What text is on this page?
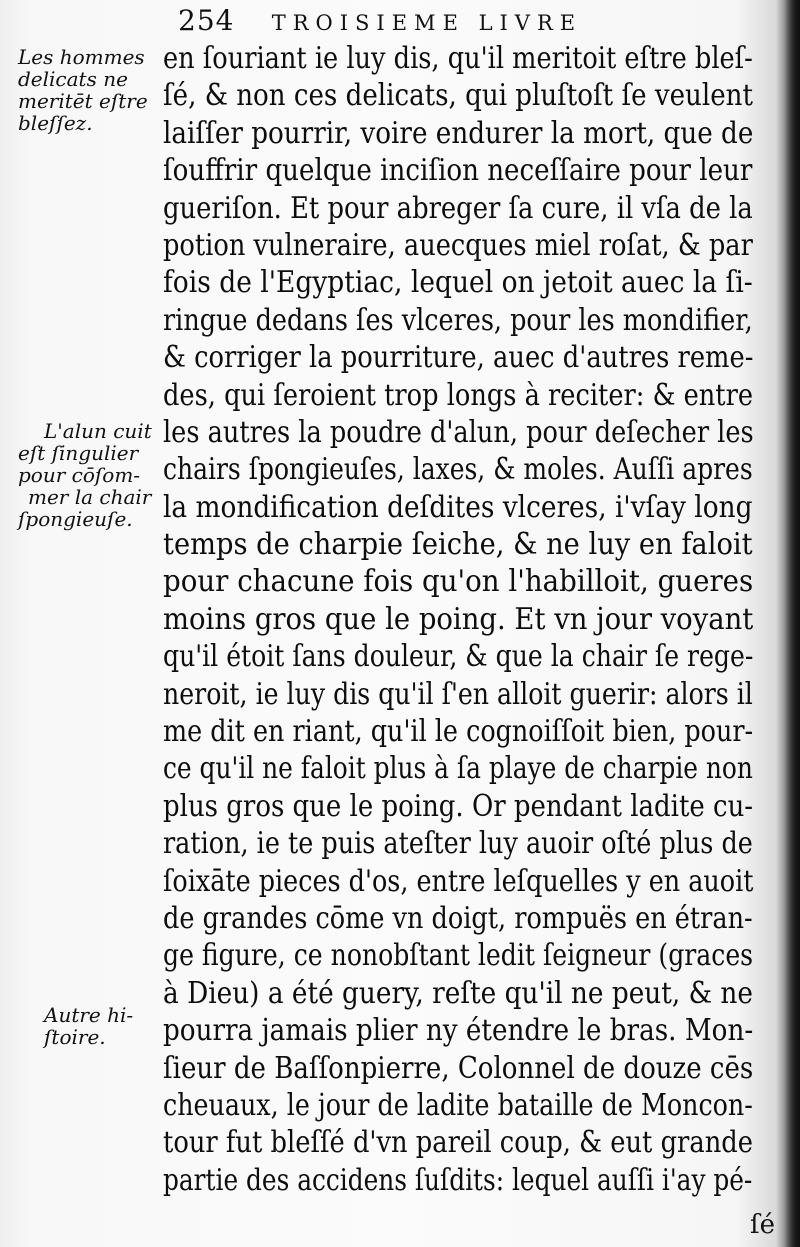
254 TROISIEME LIVRE
Les hommes
delicats ne
meritēt eſtre
bleſſez.
L'alun cuit
eſt ſingulier
pour cōſom-
mer la chair
ſpongieuſe.
Autre hi-
ſtoire.
en ſouriant ie luy dis, qu'il meritoit eſtre bleſ-
ſé, & non ces delicats, qui pluſtoſt ſe veulent
laiſſer pourrir, voire endurer la mort, que de
ſouffrir quelque inciſion neceſſaire pour leur
gueriſon. Et pour abreger ſa cure, il vſa de la
potion vulneraire, auecques miel roſat, & par
fois de l'Egyptiac, lequel on jetoit auec la ſi-
ringue dedans ſes vlceres, pour les mondifier,
& corriger la pourriture, auec d'autres reme-
des, qui ſeroient trop longs à reciter: & entre
les autres la poudre d'alun, pour deſecher les
chairs ſpongieuſes, laxes, & moles. Auſſi apres
la mondification deſdites vlceres, i'vſay long
temps de charpie ſeiche, & ne luy en faloit
pour chacune fois qu'on l'habilloit, gueres
moins gros que le poing. Et vn jour voyant
qu'il étoit ſans douleur, & que la chair ſe rege-
neroit, ie luy dis qu'il ſ'en alloit guerir: alors il
me dit en riant, qu'il le cognoiſſoit bien, pour-
ce qu'il ne faloit plus à ſa playe de charpie non
plus gros que le poing. Or pendant ladite cu-
ration, ie te puis ateſter luy auoir oſté plus de
ſoixāte pieces d'os, entre leſquelles y en auoit
de grandes cōme vn doigt, rompuës en étran-
ge figure, ce nonobſtant ledit ſeigneur (graces
à Dieu) a été guery, reſte qu'il ne peut, & ne
pourra jamais plier ny étendre le bras. Mon-
ſieur de Baſſonpierre, Colonnel de douze cēs
cheuaux, le jour de ladite bataille de Moncon-
tour fut bleſſé d'vn pareil coup, & eut grande
partie des accidens ſuſdits: lequel auſſi i'ay pé-
ſé
